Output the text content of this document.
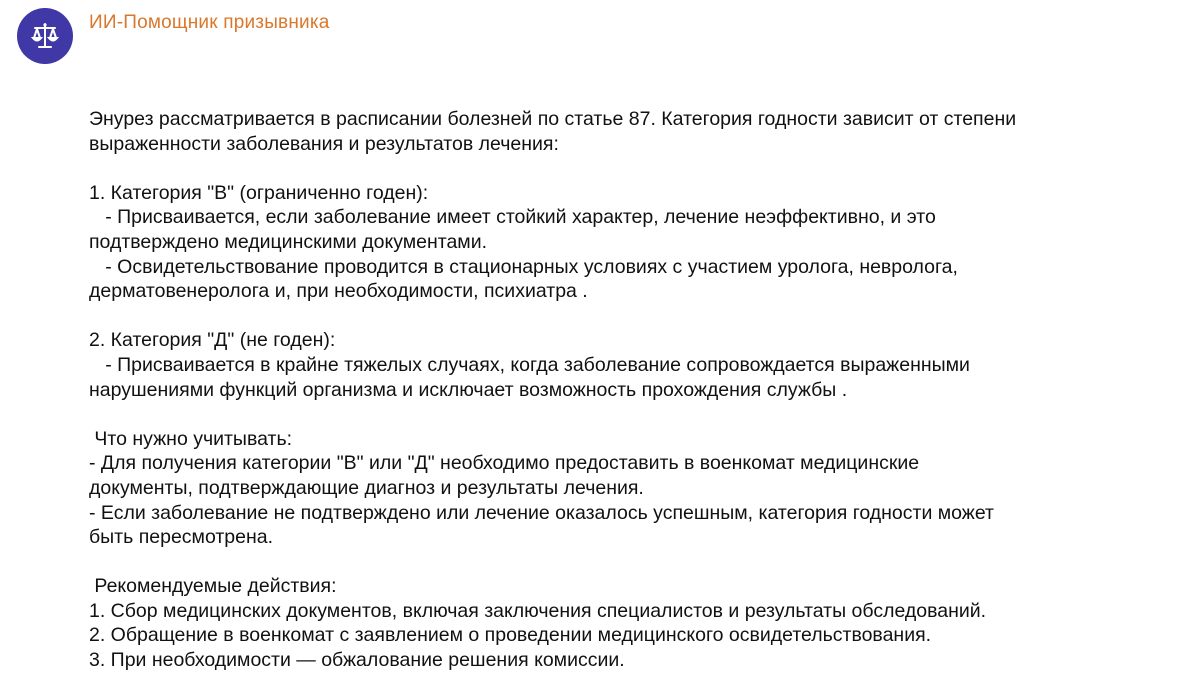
ИИ-Помощник призывника
Энурез рассматривается в расписании болезней по статье 87. Категория годности зависит от степени
выраженности заболевания и результатов лечения:
1. Категория "В" (ограниченно годен):
- Присваивается, если заболевание имеет стойкий характер, лечение неэффективно, и это
подтверждено медицинскими документами.
- Освидетельствование проводится в стационарных условиях с участием уролога, невролога,
дерматовенеролога и, при необходимости, психиатра .
2. Категория "Д" (не годен):
- Присваивается в крайне тяжелых случаях, когда заболевание сопровождается выраженными
нарушениями функций организма и исключает возможность прохождения службы .
Что нужно учитывать:
- Для получения категории "В" или "Д" необходимо предоставить в военкомат медицинские
документы, подтверждающие диагноз и результаты лечения.
- Если заболевание не подтверждено или лечение оказалось успешным, категория годности может
быть пересмотрена.
Рекомендуемые действия:
1. Сбор медицинских документов, включая заключения специалистов и результаты обследований.
2. Обращение в военкомат с заявлением о проведении медицинского освидетельствования.
3. При необходимости — обжалование решения комиссии.
